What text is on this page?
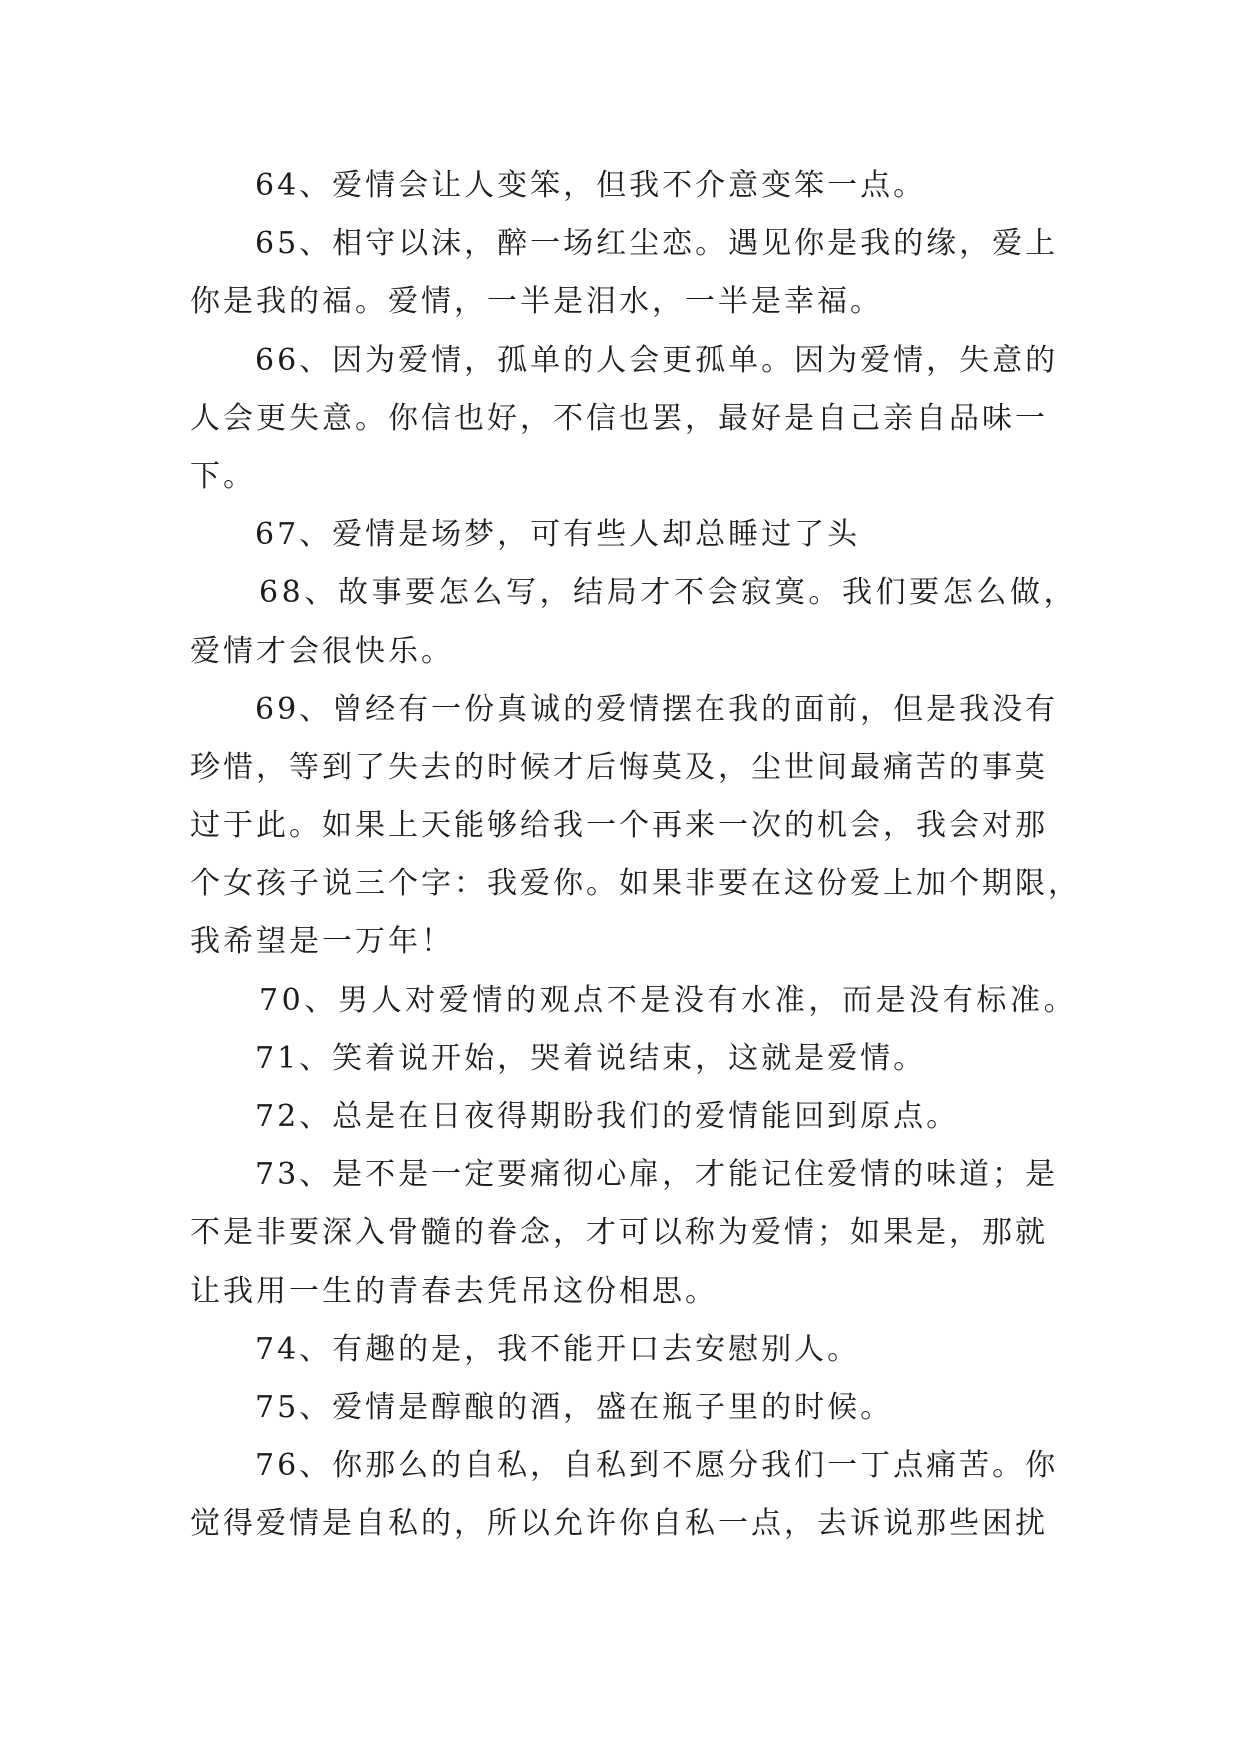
64、爱情会让人变笨，但我不介意变笨一点。
65、相守以沫，醉一场红尘恋。遇见你是我的缘，爱上
你是我的福。爱情，一半是泪水，一半是幸福。
66、因为爱情，孤单的人会更孤单。因为爱情，失意的
人会更失意。你信也好，不信也罢，最好是自己亲自品味一
下。
67、爱情是场梦，可有些人却总睡过了头
68、故事要怎么写，结局才不会寂寞。我们要怎么做，
爱情才会很快乐。
69、曾经有一份真诚的爱情摆在我的面前，但是我没有
珍惜，等到了失去的时候才后悔莫及，尘世间最痛苦的事莫
过于此。如果上天能够给我一个再来一次的机会，我会对那
个女孩子说三个字：我爱你。如果非要在这份爱上加个期限，
我希望是一万年！
70、男人对爱情的观点不是没有水准，而是没有标准。
71、笑着说开始，哭着说结束，这就是爱情。
72、总是在日夜得期盼我们的爱情能回到原点。
73、是不是一定要痛彻心扉，才能记住爱情的味道；是
不是非要深入骨髓的眷念，才可以称为爱情；如果是，那就
让我用一生的青春去凭吊这份相思。
74、有趣的是，我不能开口去安慰别人。
75、爱情是醇酿的酒，盛在瓶子里的时候。
76、你那么的自私，自私到不愿分我们一丁点痛苦。你
觉得爱情是自私的，所以允许你自私一点，去诉说那些困扰
